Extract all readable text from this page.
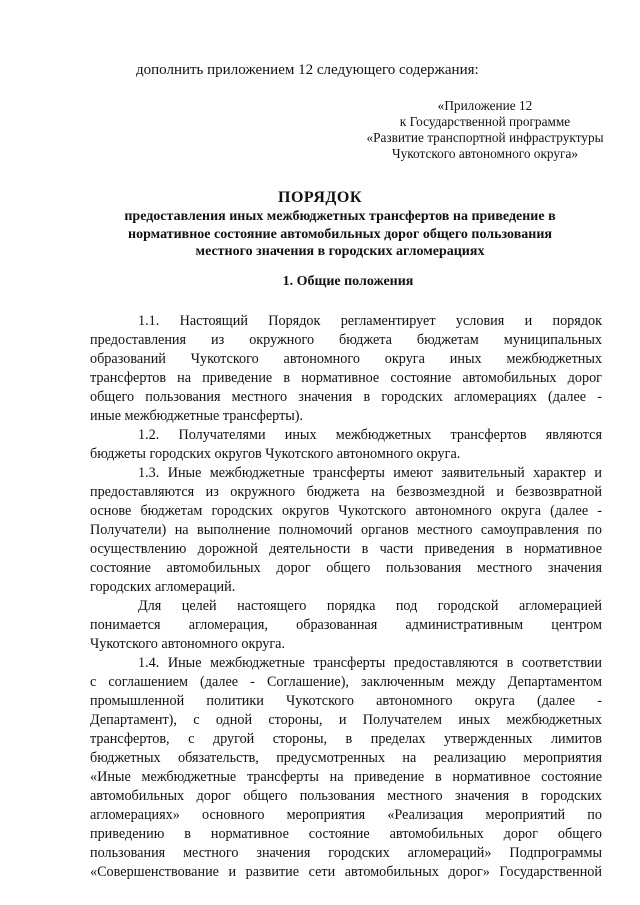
дополнить приложением 12 следующего содержания:
«Приложение 12
к Государственной программе
«Развитие транспортной инфраструктуры
Чукотского автономного округа»
ПОРЯДОК
предоставления иных межбюджетных трансфертов на приведение в
нормативное состояние автомобильных дорог общего пользования
местного значения в городских агломерациях
1. Общие положения
1.1. Настоящий Порядок регламентирует условия и порядок
предоставления из окружного бюджета бюджетам муниципальных
образований Чукотского автономного округа иных межбюджетных
трансфертов на приведение в нормативное состояние автомобильных дорог
общего пользования местного значения в городских агломерациях (далее -
иные межбюджетные трансферты).
1.2. Получателями иных межбюджетных трансфертов являются
бюджеты городских округов Чукотского автономного округа.
1.3. Иные межбюджетные трансферты имеют заявительный характер и
предоставляются из окружного бюджета на безвозмездной и безвозвратной
основе бюджетам городских округов Чукотского автономного округа (далее -
Получатели) на выполнение полномочий органов местного самоуправления по
осуществлению дорожной деятельности в части приведения в нормативное
состояние автомобильных дорог общего пользования местного значения
городских агломераций.
Для целей настоящего порядка под городской агломерацией
понимается агломерация, образованная административным центром
Чукотского автономного округа.
1.4. Иные межбюджетные трансферты предоставляются в соответствии
с соглашением (далее - Соглашение), заключенным между Департаментом
промышленной политики Чукотского автономного округа (далее -
Департамент), с одной стороны, и Получателем иных межбюджетных
трансфертов, с другой стороны, в пределах утвержденных лимитов
бюджетных обязательств, предусмотренных на реализацию мероприятия
«Иные межбюджетные трансферты на приведение в нормативное состояние
автомобильных дорог общего пользования местного значения в городских
агломерациях» основного мероприятия «Реализация мероприятий по
приведению в нормативное состояние автомобильных дорог общего
пользования местного значения городских агломераций» Подпрограммы
«Совершенствование и развитие сети автомобильных дорог» Государственной
